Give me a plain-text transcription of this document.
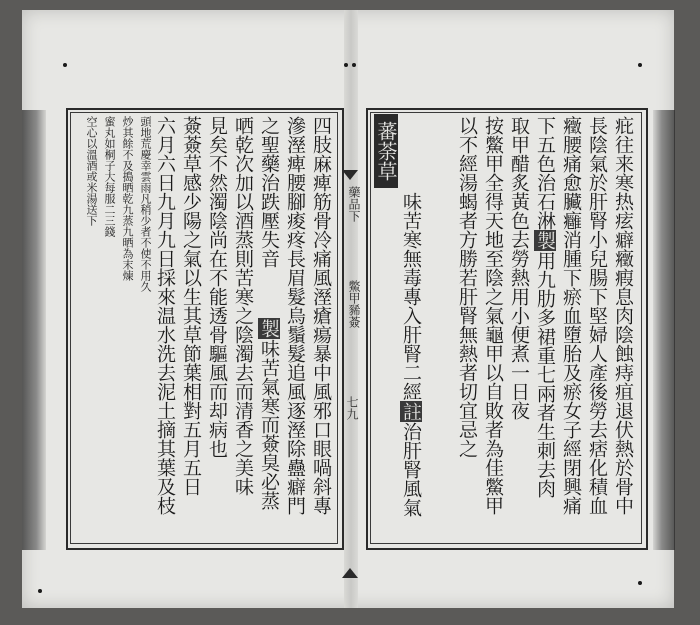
藥品下
鱉甲豨薟
七九	疪往来寒热痃癖癥瘕息肉陰蝕痔疽退伏熱於骨中
長陰氣於肝腎小兒腸下堅婦人產後勞去痞化積血
癥腰痛愈臟癰消腫下瘀血墮胎及瘀女子經閉興痛
下五色治石淋製用九肋多裙重七兩者生刺去肉
取甲醋炙黃色去勞熱用小便煮一日夜
按鱉甲全得天地至陰之氣龜甲以自敗者為佳鱉甲
以不經湯蝎者方勝若肝腎無熱者切宜忌之
味苦寒無毒專入肝腎二經註治肝腎風氣
蕃荼草
四肢麻痺筋骨冷痛風溼瘡瘍暴中風邪口眼喎斜專
滲溼痺腰腳痠疼長眉髮烏鬚髮追風逐溼除蠱癖門
之聖藥治跌壓失音
哂乾次加以酒蒸則苦寒之陰濁去而清香之美味
見矣不然濁陰尚在不能透骨驅風而却病也
薟薟草感少陽之氣以生其草節葉相對五月五日
六月六日九月九日採來温水洗去泥土摘其葉及枝	製味苦氣寒而薟臭必蒸
頭地荒慶幸雲雨凡稍少者不使不用久
炒其餘不及搗晒乾九蒸九晒為末煉
蜜丸如桐子大每服二三錢
空心以溫酒或米湯送下
